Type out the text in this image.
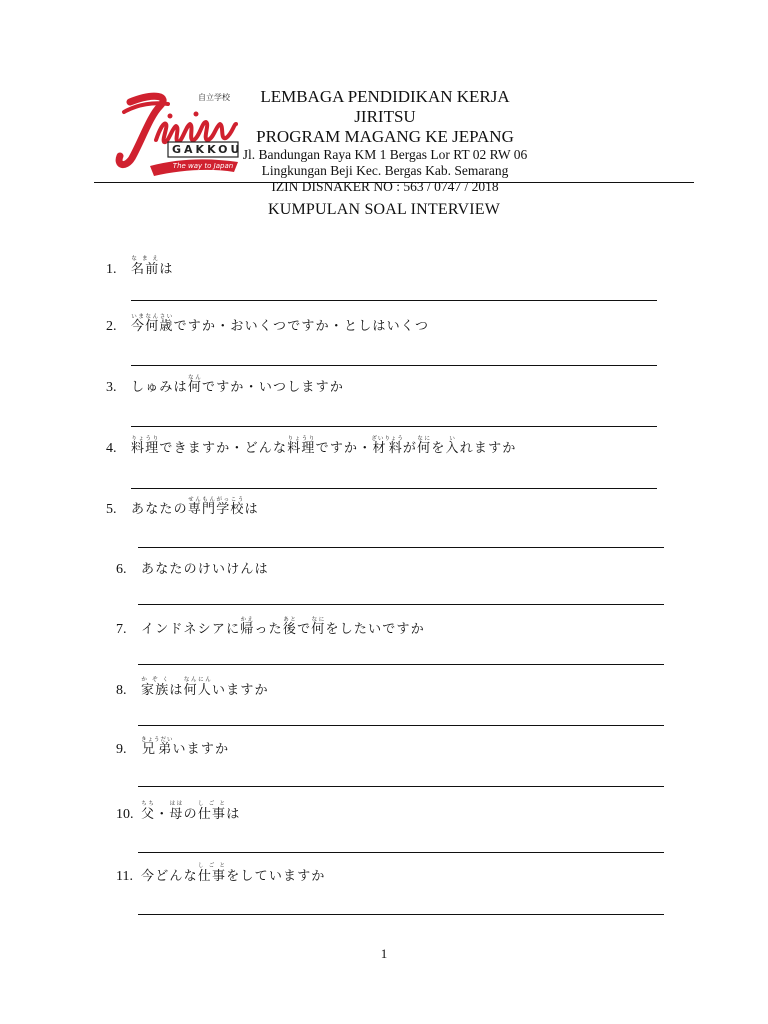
自立学校
GAKKOU
The way to Japan
LEMBAGA PENDIDIKAN KERJA JIRITSU
PROGRAM MAGANG KE JEPANG
Jl. Bandungan Raya KM 1 Bergas Lor RT 02 RW 06
Lingkungan Beji Kec. Bergas Kab. Semarang
IZIN DISNAKER NO : 563 / 0747 / 2018
KUMPULAN SOAL INTERVIEW
1. 名前な ま えは
2. 今何歳いまなんさいですか・おいくつですか・としはいくつ
3. しゅみは何なんですか・いつしますか
4. 料理りょうりできますか・どんな料理りょうりですか・材料ざいりょうが何なにを入いれますか
5. あなたの専門学校せんもんがっこうは
6. あなたのけいけんは
7. インドネシアに帰かえった後あとで何なにをしたいですか
8. 家族か ぞ くは何人なんにんいますか
9. 兄弟きょうだいいますか
10. 父ちち・母ははの仕事し ご とは
11. 今どんな仕事し ご とをしていますか
1
